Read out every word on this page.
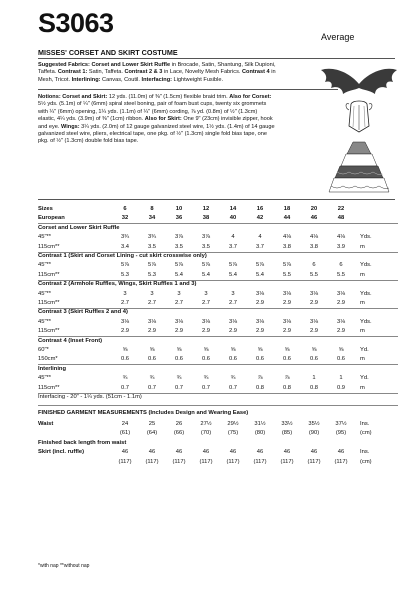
S3063	Average
MISSES' CORSET AND SKIRT COSTUME
Suggested Fabrics: Corset and Lower Skirt Ruffle in Brocade, Satin, Shantung, Silk Dupioni,
Taffeta. Contrast 1: Satin, Taffeta. Contrast 2 & 3 in Lace, Novelty Mesh Fabrics. Contrast 4 in
Mesh, Tricot. Interlining: Canvas, Coutil. Interfacing: Lightweight Fusible.
Notions: Corset and Skirt: 12 yds. (11.0m) of ⅜" (1.5cm) flexible braid trim. Also for Corset:
5½ yds. (5.1m) of ¼" (6mm) spiral steel boning, pair of foam bust cups, twenty six grommets
with ¼" (6mm) opening, 1¼ yds. (1.1m) of ¼" (6mm) cording, ⅞ yd. (0.8m) of ½" (1.3cm)
elastic, 4¼ yds. (3.9m) of ⅜" (1cm) ribbon. Also for Skirt: One 9" (23cm) invisible zipper, hook
and eye. Wings: 3¼ yds. (2.0m) of 12 gauge galvanized steel wire, 1½ yds. (1.4m) of 14 gauge
galvanized steel wire, pliers, electrical tape, one pkg. of ½" (1.3cm) single fold bias tape, one
pkg. of ½" (1.3cm) double fold bias tape.
Sizes	6	8	10	12	14	16	18	20	22
European	32	34	36	38	40	42	44	46	48
Corset and Lower Skirt Ruffle
45"**	3¾	3¾	3⅞	3⅞	4	4	4⅛	4⅛	4⅛	Yds.
115cm**	3.4	3.5	3.5	3.5	3.7	3.7	3.8	3.8	3.9	m
Contrast 1 (Skirt and Corset Lining - cut skirt crosswise only)
45"**	5⅞	5⅞	5⅞	5⅞	5⅞	5⅞	5⅞	6	6	Yds.
115cm**	5.3	5.3	5.4	5.4	5.4	5.4	5.5	5.5	5.5	m
Contrast 2 (Armhole Ruffles, Wings, Skirt Ruffles 1 and 3)
45"**	3	3	3	3	3	3⅛	3⅛	3⅛	3⅛	Yds.
115cm**	2.7	2.7	2.7	2.7	2.7	2.9	2.9	2.9	2.9	m
Contrast 3 (Skirt Ruffles 2 and 4)
45"**	3⅛	3⅛	3⅛	3⅛	3⅛	3⅛	3⅛	3⅛	3⅛	Yds.
115cm**	2.9	2.9	2.9	2.9	2.9	2.9	2.9	2.9	2.9	m
Contrast 4 (Inset Front)
60"*	⅝	⅝	⅝	⅝	⅝	⅝	⅝	⅝	⅝	Yd.
150cm*	0.6	0.6	0.6	0.6	0.6	0.6	0.6	0.6	0.6	m
Interlining
45"**	¾	¾	¾	¾	¾	⅞	⅞	1	1	Yd.
115cm**	0.7	0.7	0.7	0.7	0.7	0.8	0.8	0.8	0.9	m
Interfacing - 20" - 1¼ yds. (51cm - 1.1m)
FINISHED GARMENT MEASUREMENTS (Includes Design and Wearing Ease)
Waist	24	25	26	27½	29½	31½	33½	35½	37½	Ins.
(61)	(64)	(66)	(70)	(75)	(80)	(85)	(90)	(95)	(cm)
Finished back length from waist
Skirt (incl. ruffle)	46	46	46	46	46	46	46	46	46	Ins.
(117)	(117)	(117)	(117)	(117)	(117)	(117)	(117)	(117)	(cm)
*with nap **without nap
